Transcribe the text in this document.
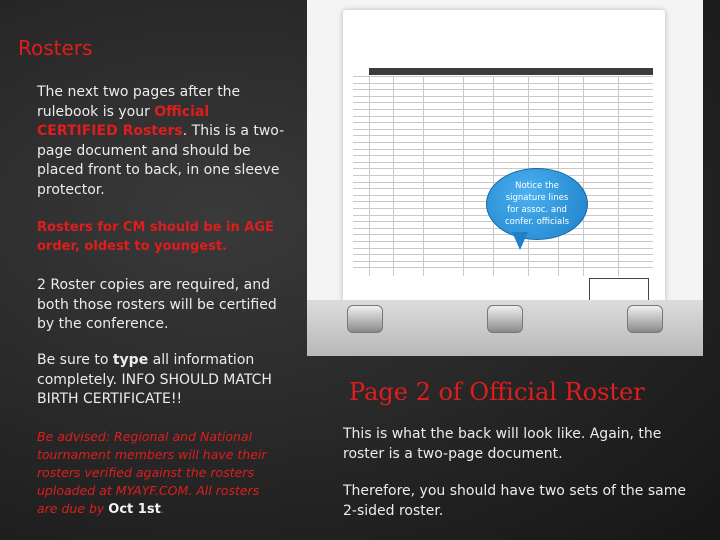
Rosters
The next two pages after the rulebook is your Official CERTIFIED Rosters. This is a two-page document and should be placed front to back, in one sleeve protector.
Rosters for CM should be in AGE order, oldest to youngest.
2 Roster copies are required, and both those rosters will be certified by the conference.
Be sure to type all information completely. INFO SHOULD MATCH BIRTH CERTIFICATE!!
Be advised: Regional and National tournament members will have their rosters verified against the rosters uploaded at MYAYF.COM. All rosters are due by Oct 1st.
Notice the signature lines for assoc. and confer. officials
Page 2 of Official Roster
This is what the back will look like. Again, the roster is a two-page document.
Therefore, you should have two sets of the same 2-sided roster.
